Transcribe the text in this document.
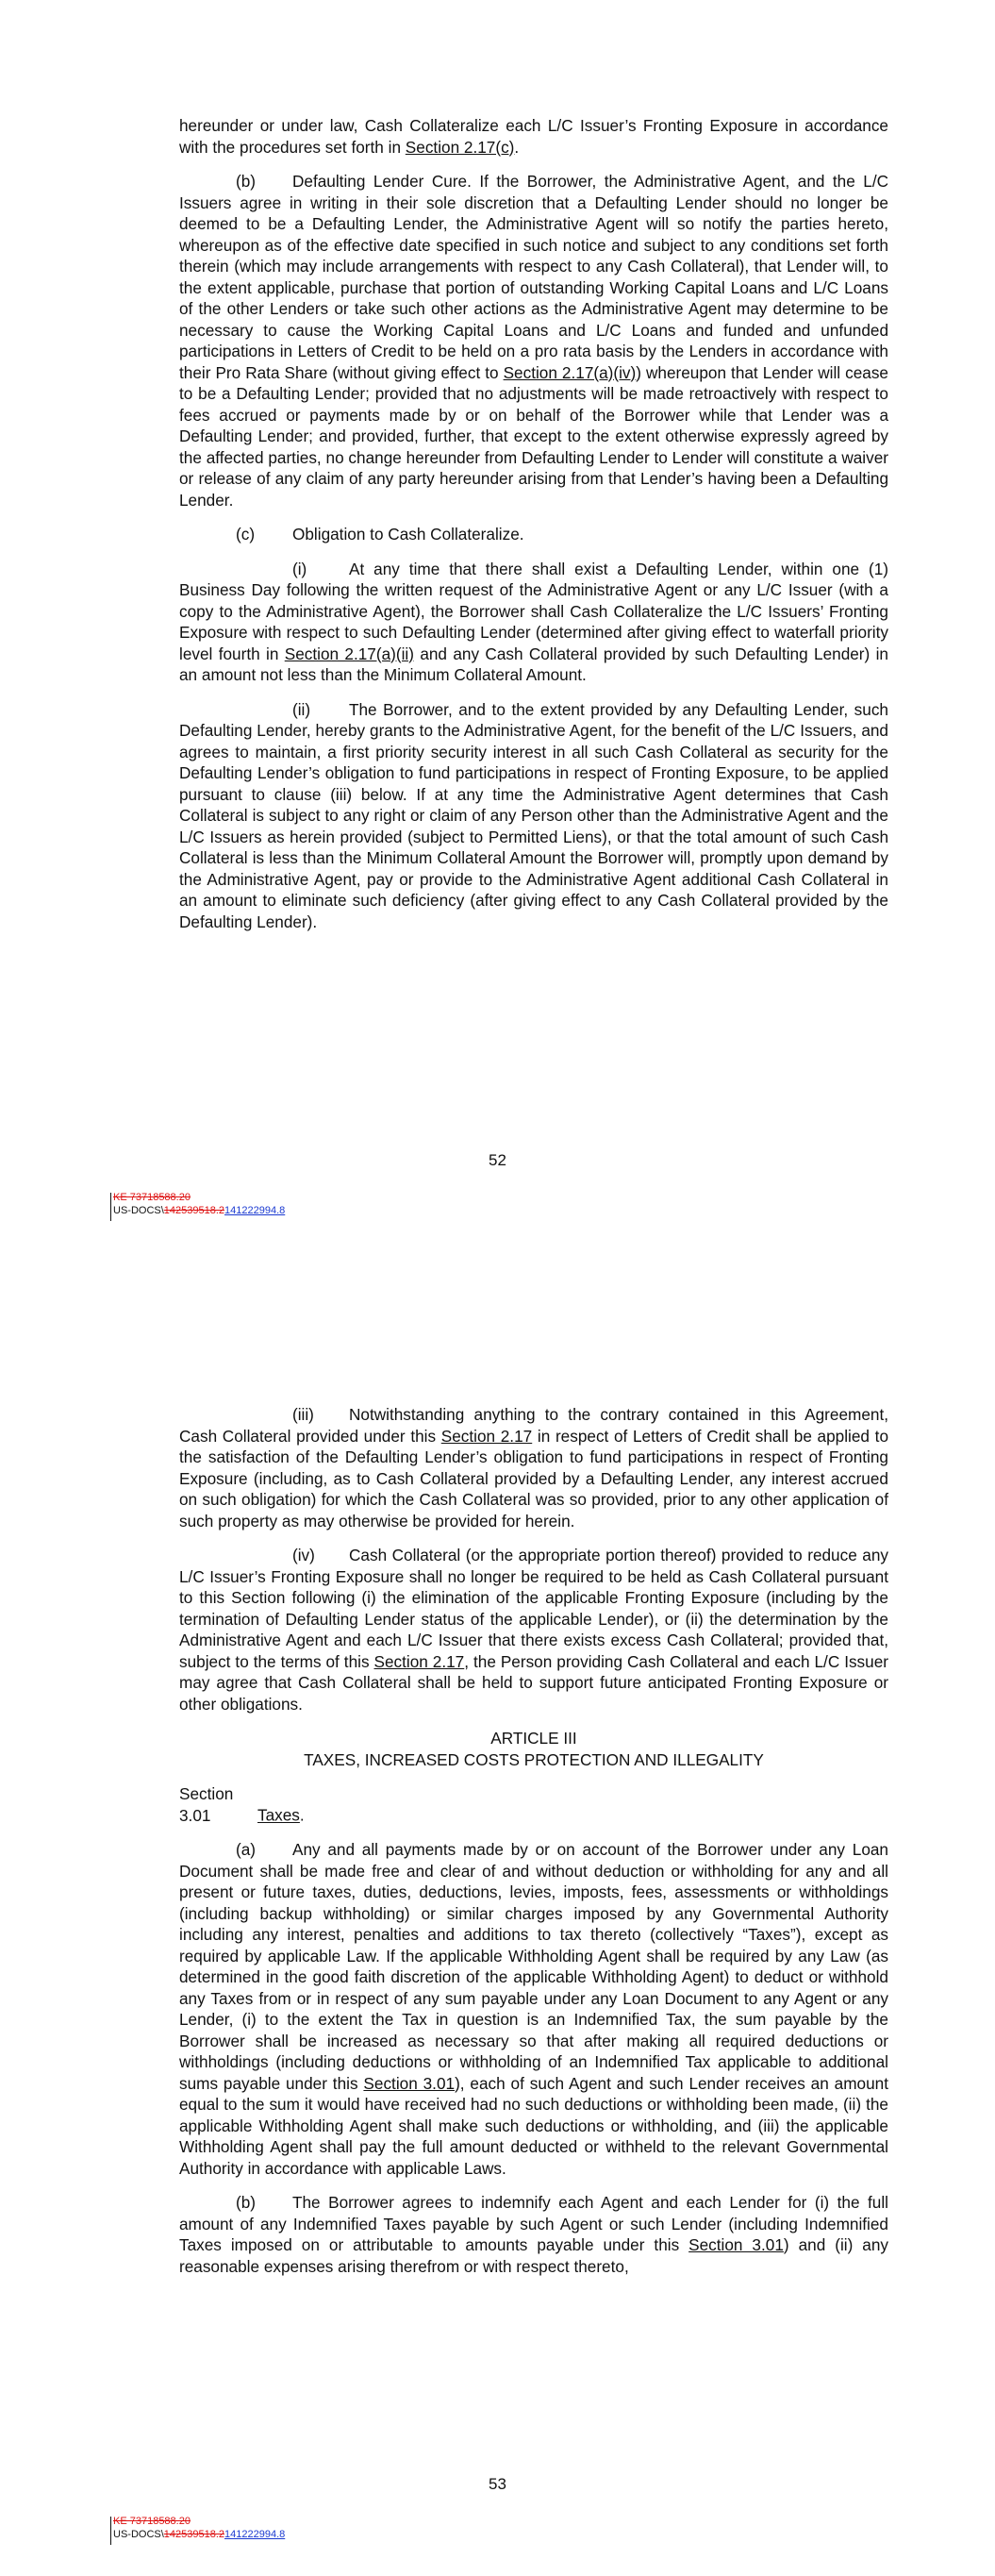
hereunder or under law, Cash Collateralize each L/C Issuer’s Fronting Exposure in accordance with the procedures set forth in Section 2.17(c).

(b) Defaulting Lender Cure. If the Borrower, the Administrative Agent, and the L/C Issuers agree in writing in their sole discretion that a Defaulting Lender should no longer be deemed to be a Defaulting Lender, the Administrative Agent will so notify the parties hereto, whereupon as of the effective date specified in such notice and subject to any conditions set forth therein (which may include arrangements with respect to any Cash Collateral), that Lender will, to the extent applicable, purchase that portion of outstanding Working Capital Loans and L/C Loans of the other Lenders or take such other actions as the Administrative Agent may determine to be necessary to cause the Working Capital Loans and L/C Loans and funded and unfunded participations in Letters of Credit to be held on a pro rata basis by the Lenders in accordance with their Pro Rata Share (without giving effect to Section 2.17(a)(iv)) whereupon that Lender will cease to be a Defaulting Lender; provided that no adjustments will be made retroactively with respect to fees accrued or payments made by or on behalf of the Borrower while that Lender was a Defaulting Lender; and provided, further, that except to the extent otherwise expressly agreed by the affected parties, no change hereunder from Defaulting Lender to Lender will constitute a waiver or release of any claim of any party hereunder arising from that Lender’s having been a Defaulting Lender.

(c) Obligation to Cash Collateralize.

(i)	At any time that there shall exist a Defaulting Lender, within one (1) Business Day following the written request of the Administrative Agent or any L/C Issuer (with a copy to the Administrative Agent), the Borrower shall Cash Collateralize the L/C Issuers’ Fronting Exposure with respect to such Defaulting Lender (determined after giving effect to waterfall priority level fourth in Section 2.17(a)(ii) and any Cash Collateral provided by such Defaulting Lender) in an amount not less than the Minimum Collateral Amount.

(ii) The Borrower, and to the extent provided by any Defaulting Lender, such Defaulting Lender, hereby grants to the Administrative Agent, for the benefit of the L/C Issuers, and agrees to maintain, a first priority security interest in all such Cash Collateral as security for the Defaulting Lender’s obligation to fund participations in respect of Fronting Exposure, to be applied pursuant to clause (iii) below. If at any time the Administrative Agent determines that Cash Collateral is subject to any right or claim of any Person other than the Administrative Agent and the L/C Issuers as herein provided (subject to Permitted Liens), or that the total amount of such Cash Collateral is less than the Minimum Collateral Amount the Borrower will, promptly upon demand by the Administrative Agent, pay or provide to the Administrative Agent additional Cash Collateral in an amount to eliminate such deficiency (after giving effect to any Cash Collateral provided by the Defaulting Lender).

52
KE 73718588.20
US-DOCS\142539518.2141222994.8

(iii) Notwithstanding anything to the contrary contained in this Agreement, Cash Collateral provided under this Section 2.17 in respect of Letters of Credit shall be applied to the satisfaction of the Defaulting Lender’s obligation to fund participations in respect of Fronting Exposure (including, as to Cash Collateral provided by a Defaulting Lender, any interest accrued on such obligation) for which the Cash Collateral was so provided, prior to any other application of such property as may otherwise be provided for herein.

(iv) Cash Collateral (or the appropriate portion thereof) provided to reduce any L/C Issuer’s Fronting Exposure shall no longer be required to be held as Cash Collateral pursuant to this Section following (i) the elimination of the applicable Fronting Exposure (including by the termination of Defaulting Lender status of the applicable Lender), or (ii) the determination by the Administrative Agent and each L/C Issuer that there exists excess Cash Collateral; provided that, subject to the terms of this Section 2.17, the Person providing Cash Collateral and each L/C Issuer may agree that Cash Collateral shall be held to support future anticipated Fronting Exposure or other obligations.

ARTICLE III
TAXES, INCREASED COSTS PROTECTION AND ILLEGALITY

Section 3.01	Taxes.

(a) Any and all payments made by or on account of the Borrower under any Loan Document shall be made free and clear of and without deduction or withholding for any and all present or future taxes, duties, deductions, levies, imposts, fees, assessments or withholdings (including backup withholding) or similar charges imposed by any Governmental Authority including any interest, penalties and additions to tax thereto (collectively “Taxes”), except as required by applicable Law. If the applicable Withholding Agent shall be required by any Law (as determined in the good faith discretion of the applicable Withholding Agent) to deduct or withhold any Taxes from or in respect of any sum payable under any Loan Document to any Agent or any Lender, (i) to the extent the Tax in question is an Indemnified Tax, the sum payable by the Borrower shall be increased as necessary so that after making all required deductions or withholdings (including deductions or withholding of an Indemnified Tax applicable to additional sums payable under this Section 3.01), each of such Agent and such Lender receives an amount equal to the sum it would have received had no such deductions or withholding been made, (ii) the applicable Withholding Agent shall make such deductions or withholding, and (iii) the applicable Withholding Agent shall pay the full amount deducted or withheld to the relevant Governmental Authority in accordance with applicable Laws.

(b) The Borrower agrees to indemnify each Agent and each Lender for (i) the full amount of any Indemnified Taxes payable by such Agent or such Lender (including Indemnified Taxes imposed on or attributable to amounts payable under this Section 3.01) and (ii) any reasonable expenses arising therefrom or with respect thereto,

53
KE 73718588.20
US-DOCS\142539518.2141222994.8
